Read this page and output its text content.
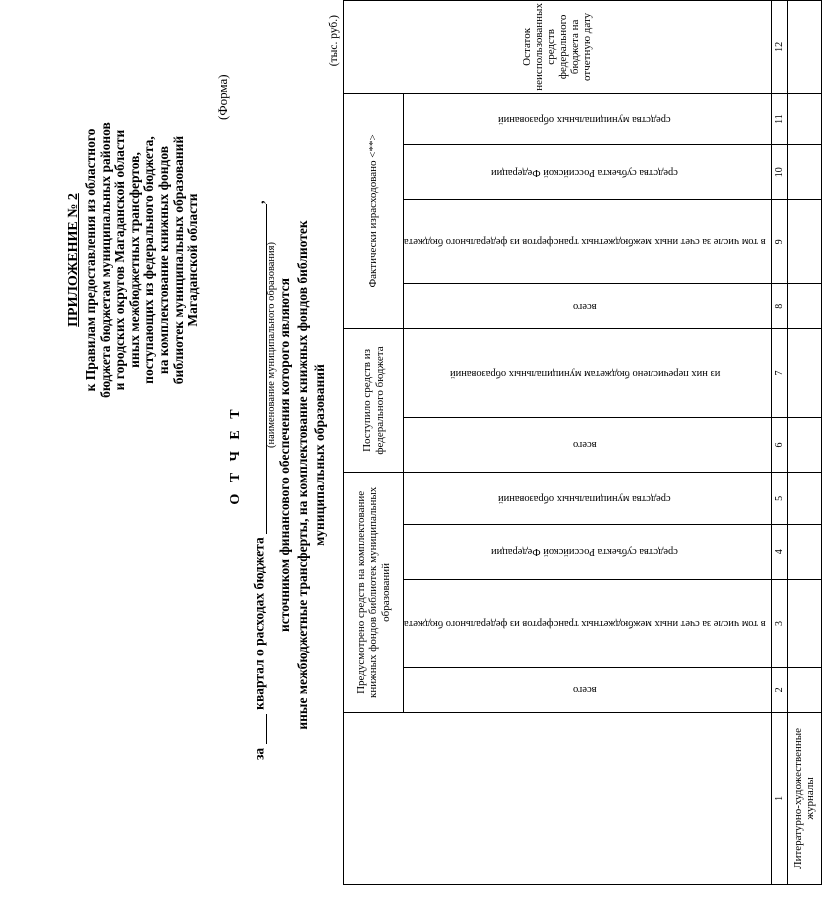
ПРИЛОЖЕНИЕ № 2 к Правилам предоставления из областного бюджета бюджетам муниципальных районов и городских округов Магаданской области иных межбюджетных трансфертов, поступающих из федерального бюджета, на комплектование книжных фондов библиотек муниципальных образований Магаданской области
(Форма)
О Т Ч Е Т
заквартал о расходах бюджета ,
(наименование муниципального образования) источником финансового обеспечения которого являются иные межбюджетные трансферты, на комплектование книжных фондов библиотек муниципальных образований
(тыс. руб.)
	Предусмотрено средств на комплектование книжных фондов библиотек муниципальных образований				Поступило средств из федерального бюджета		Фактически израсходовано <**>				Остаток неиспользованных средств федерального бюджета на отчетную дату
	всего	в том числе за счет иных межбюджетных трансфертов из федерального бюджета	средства субъекта Российской Федерации	средства муниципальных образований	всего	из них перечислено бюджетам муниципальных образований	всего	в том числе за счет иных межбюджетных трансфертов из федерального бюджета	средства субъекта Российской Федерации	средства муниципальных образований	
1	2	3	4	5	6	7	8	9	10	11	12
Литературно-художественные журналы											
